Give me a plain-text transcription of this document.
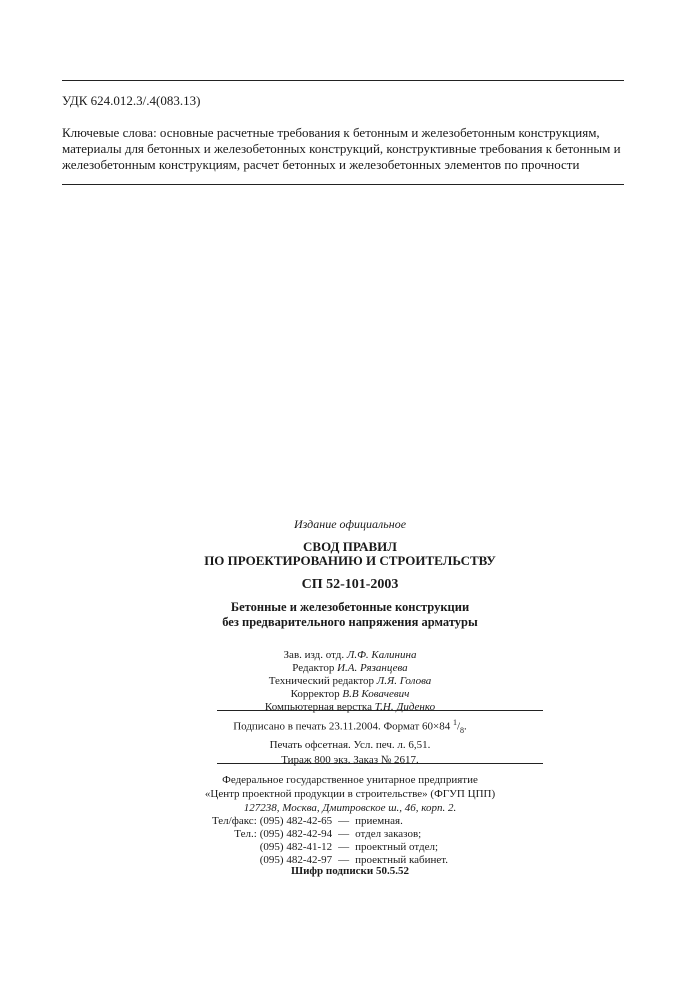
УДК 624.012.3/.4(083.13)
Ключевые слова: основные расчетные требования к бетонным и железобетонным конструкциям, материалы для бетонных и железобетонных конструкций, конструктивные требования к бетонным и железобетонным конструкциям, расчет бетонных и железобетонных элементов по прочности
Издание официальное
СВОД ПРАВИЛ
ПО ПРОЕКТИРОВАНИЮ И СТРОИТЕЛЬСТВУ
СП 52-101-2003
Бетонные и железобетонные конструкции
без предварительного напряжения арматуры
Зав. изд. отд. Л.Ф. Калинина
Редактор И.А. Рязанцева
Технический редактор Л.Я. Голова
Корректор В.В Ковачевич
Компьютерная верстка Т.Н. Диденко
Подписано в печать 23.11.2004. Формат 60×84 $^1/_8$.
Печать офсетная. Усл. печ. л. 6,51.
Тираж 800 экз. Заказ № 2617.
Федеральное государственное унитарное предприятие
«Центр проектной продукции в строительстве» (ФГУП ЦПП)
127238, Москва, Дмитровское ш., 46, корп. 2.
Тел/факс:	(095) 482-42-65	—	приемная.
Тел.:	(095) 482-42-94	—	отдел заказов;
	(095) 482-41-12	—	проектный отдел;
	(095) 482-42-97	—	проектный кабинет.
Шифр подписки 50.5.52
